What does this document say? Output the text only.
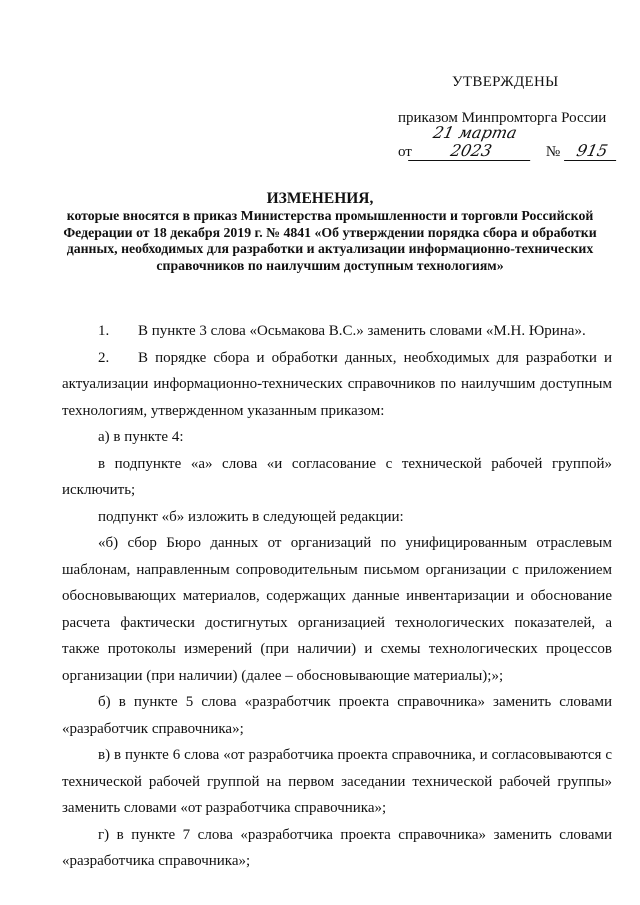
УТВЕРЖДЕНЫ
приказом Минпромторга России
от
21 марта 2023	№ 915
ИЗМЕНЕНИЯ,
которые вносятся в приказ Министерства промышленности и торговли Российской Федерации от 18 декабря 2019 г. № 4841 «Об утверждении порядка сбора и обработки данных, необходимых для разработки и актуализации информационно-технических справочников по наилучшим доступным технологиям»

1. В пункте 3 слова «Осьмакова В.С.» заменить словами «М.Н. Юрина».

2. В порядке сбора и обработки данных, необходимых для разработки и актуализации информационно-технических справочников по наилучшим доступным технологиям, утвержденном указанным приказом:

а) в пункте 4:

в подпункте «а» слова «и согласование с технической рабочей группой» исключить;

подпункт «б» изложить в следующей редакции:

«б) сбор Бюро данных от организаций по унифицированным отраслевым шаблонам, направленным сопроводительным письмом организации с приложением обосновывающих материалов, содержащих данные инвентаризации и обоснование расчета фактически достигнутых организацией технологических показателей, а также протоколы измерений (при наличии) и схемы технологических процессов организации (при наличии) (далее – обосновывающие материалы);»;

б) в пункте 5 слова «разработчик проекта справочника» заменить словами «разработчик справочника»;

в) в пункте 6 слова «от разработчика проекта справочника, и согласовываются с технической рабочей группой на первом заседании технической рабочей группы» заменить словами «от разработчика справочника»;

г) в пункте 7 слова «разработчика проекта справочника» заменить словами «разработчика справочника»;
